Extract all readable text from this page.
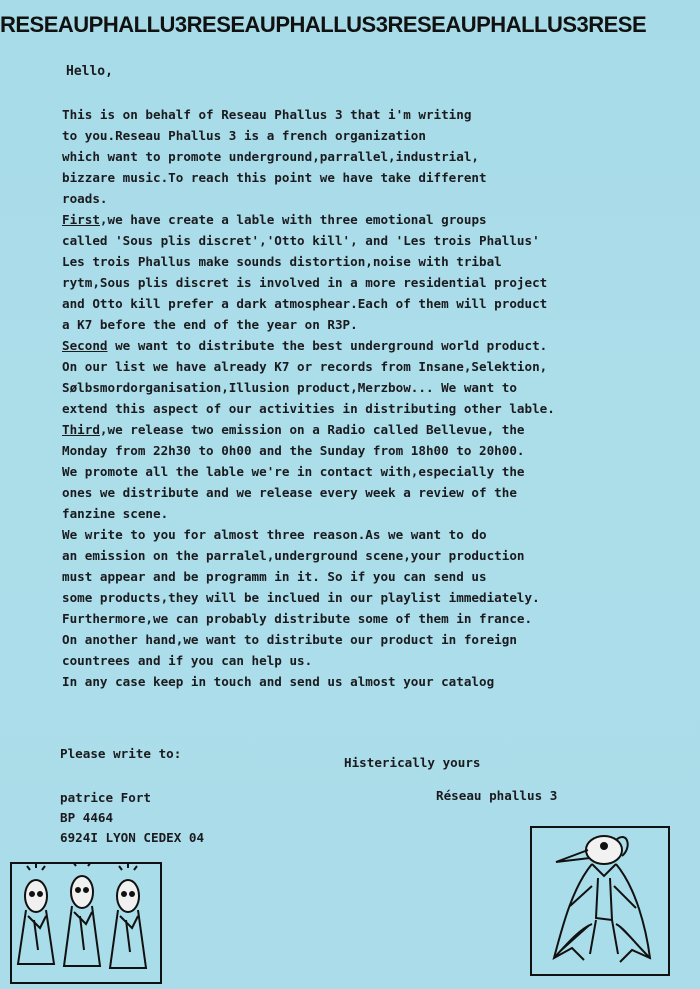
RESEAUPHALLU3RESEAUPHALLUS3RESEAUPHALLUS3RESE
Hello,
This is on behalf of Reseau Phallus 3 that i'm writing
to you.Reseau Phallus 3 is a french organization
which want to promote underground,parrallel,industrial,
bizzare music.To reach this point we have take different
roads.
First,we have create a lable with three emotional groups
called 'Sous plis discret','Otto kill', and 'Les trois Phallus'
Les trois Phallus make sounds distortion,noise with tribal
rytm,Sous plis discret is involved in a more residential project
and Otto kill prefer a dark atmosphear.Each of them will product
a K7 before the end of the year on R3P.
Second we want to distribute the best underground world product.
On our list we have already K7 or records from Insane,Selektion,
Sølbsmordorganisation,Illusion product,Merzbow... We want to
extend this aspect of our activities in distributing other lable.
Third,we release two emission on a Radio called Bellevue, the
Monday from 22h30 to 0h00 and the Sunday from 18h00 to 20h00.
We promote all the lable we're in contact with,especially the
ones we distribute and we release every week a review of the
fanzine scene.
We write to you for almost three reason.As we want to do
an emission on the parralel,underground scene,your production
must appear and be programm in it. So if you can send us
some products,they will be inclued in our playlist immediately.
Furthermore,we can probably distribute some of them in france.
On another hand,we want to distribute our product in foreign
countrees and if you can help us.
In any case keep in touch and send us almost your catalog
Please write to:
Histerically yours
patrice Fort
BP 4464
6924I LYON CEDEX 04
Réseau phallus 3
